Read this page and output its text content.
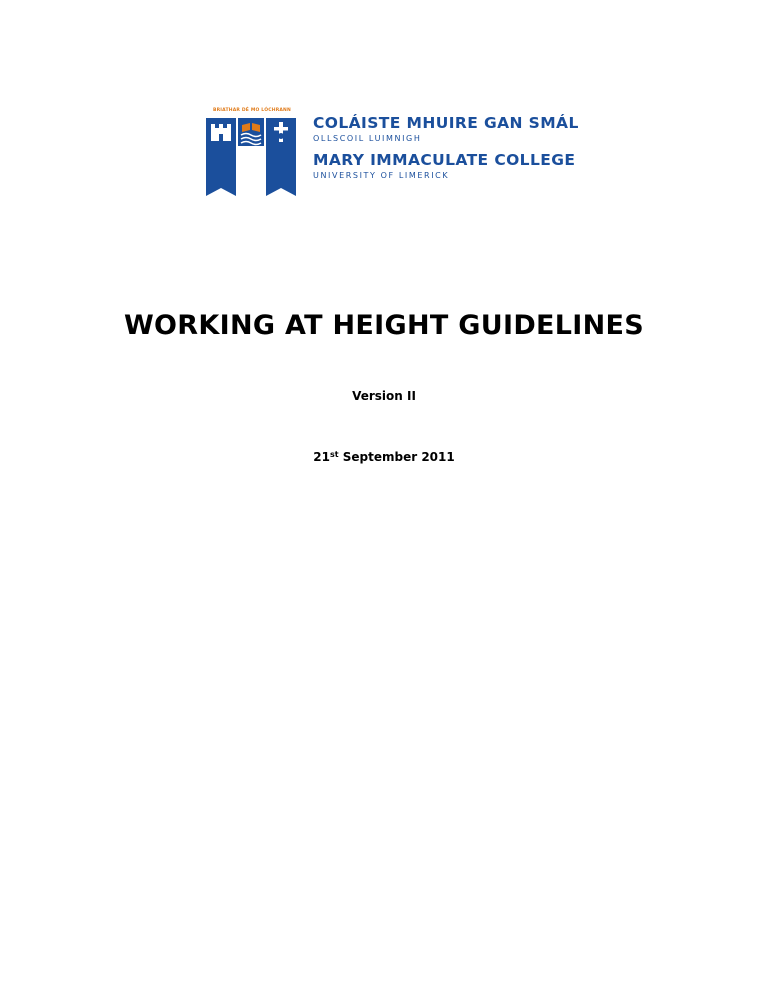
BRIATHAR DÉ MO LÓCHRANN
COLÁISTE MHUIRE GAN SMÁL
OLLSCOIL LUIMNIGH
MARY IMMACULATE COLLEGE
UNIVERSITY OF LIMERICK
WORKING AT HEIGHT GUIDELINES
Version II
21st September 2011
